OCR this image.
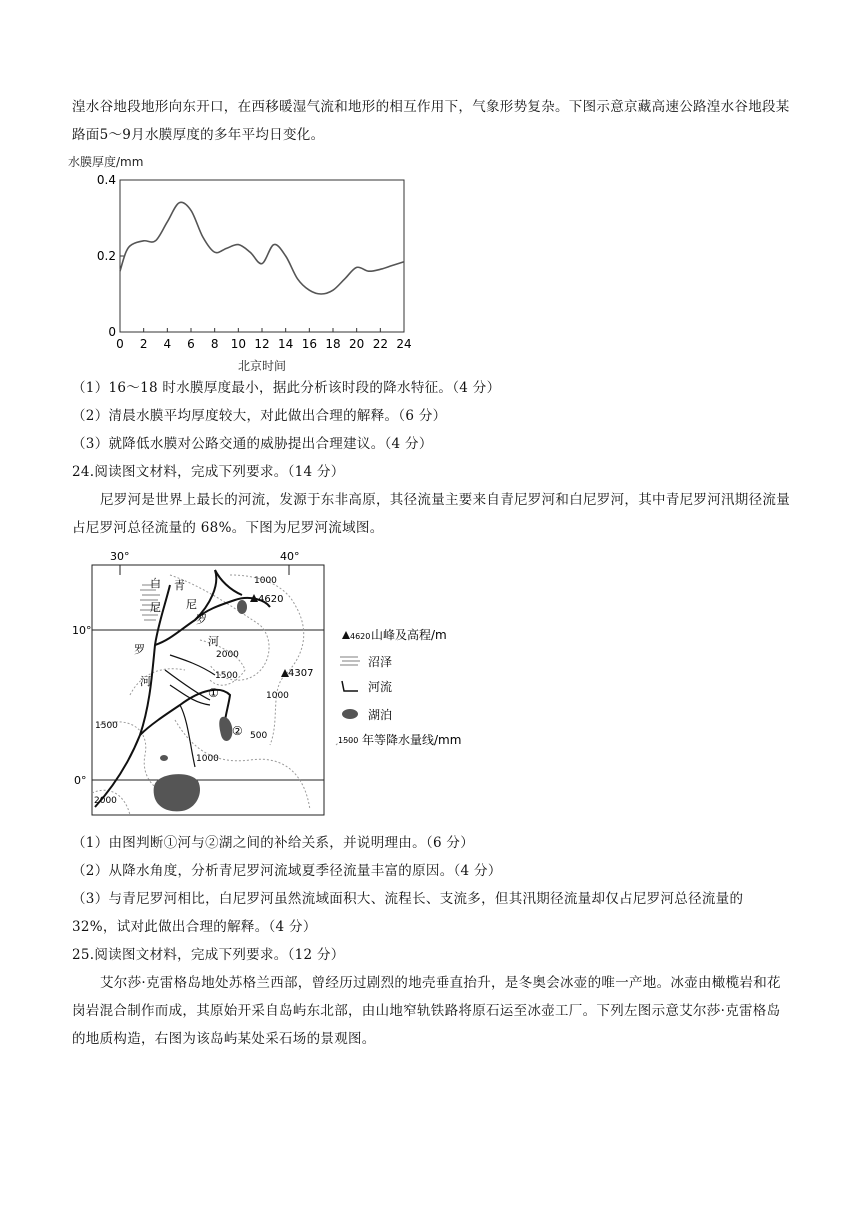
湟水谷地段地形向东开口，在西移暖湿气流和地形的相互作用下，气象形势复杂。下图示意京藏高速公路湟水谷地段某路面5～9月水膜厚度的多年平均日变化。
水膜厚度/mm
0
0.2
0.4
0 2 4 6 8 10 12 14 16 18 20 22 24
北京时间
（1）16～18 时水膜厚度最小，据此分析该时段的降水特征。（4 分）
（2）清晨水膜平均厚度较大，对此做出合理的解释。（6 分）
（3）就降低水膜对公路交通的威胁提出合理建议。（4 分）
24.阅读图文材料，完成下列要求。（14 分）
尼罗河是世界上最长的河流，发源于东非高原，其径流量主要来自青尼罗河和白尼罗河，其中青尼罗河汛期径流量占尼罗河总径流量的 68%。下图为尼罗河流域图。
30°	40°
10°
0°
4620
4307
白
尼
罗
河
青
尼
罗
河
1000
2000
1500
1000
500
1500
1000
2000
①
②
4620 山峰及高程/m
沼泽
河流
湖泊
1500 年等降水量线/mm
（1）由图判断①河与②湖之间的补给关系，并说明理由。（6 分）
（2）从降水角度，分析青尼罗河流域夏季径流量丰富的原因。（4 分）
（3）与青尼罗河相比，白尼罗河虽然流域面积大、流程长、支流多，但其汛期径流量却仅占尼罗河总径流量的 32%，试对此做出合理的解释。（4 分）
25.阅读图文材料，完成下列要求。（12 分）
艾尔莎·克雷格岛地处苏格兰西部，曾经历过剧烈的地壳垂直抬升，是冬奥会冰壶的唯一产地。冰壶由橄榄岩和花岗岩混合制作而成，其原始开采自岛屿东北部，由山地窄轨铁路将原石运至冰壶工厂。下列左图示意艾尔莎·克雷格岛的地质构造，右图为该岛屿某处采石场的景观图。
